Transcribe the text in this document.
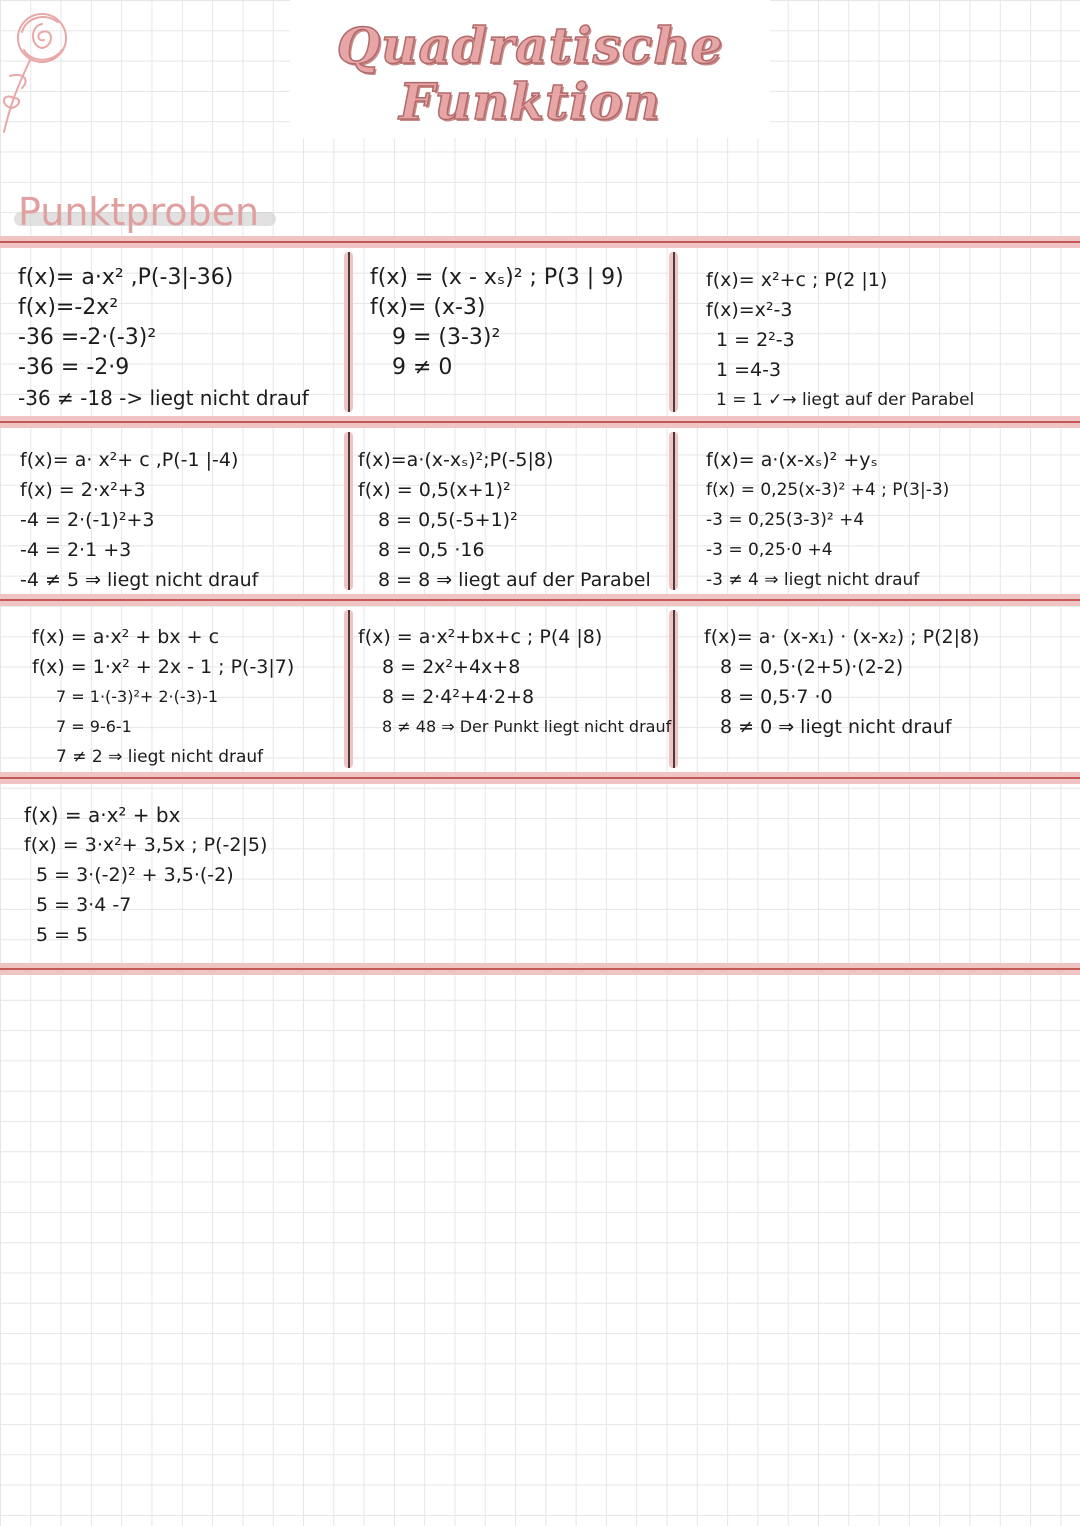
Quadratische
Funktion
Punktproben
f(x)= a·x² ,P(-3|-36)
f(x)=-2x²
-36 =-2·(-3)²
-36 = -2·9
-36 ≠ -18 -> liegt nicht drauf
f(x) = (x - xₛ)² ; P(3 | 9)
f(x)= (x-3)
9 = (3-3)²
9 ≠ 0
f(x)= x²+c ; P(2 |1)
f(x)=x²-3
1 = 2²-3
1 =4-3
1 = 1 ✓→ liegt auf der Parabel
f(x)= a· x²+ c ,P(-1 |-4)
f(x) = 2·x²+3
-4 = 2·(-1)²+3
-4 = 2·1 +3
-4 ≠ 5 ⇒ liegt nicht drauf
f(x)=a·(x-xₛ)²;P(-5|8)
f(x) = 0,5(x+1)²
8 = 0,5(-5+1)²
8 = 0,5 ·16
8 = 8 ⇒ liegt auf der Parabel
f(x)= a·(x-xₛ)² +yₛ
f(x) = 0,25(x-3)² +4 ; P(3|-3)
-3 = 0,25(3-3)² +4
-3 = 0,25·0 +4
-3 ≠ 4 ⇒ liegt nicht drauf
f(x) = a·x² + bx + c
f(x) = 1·x² + 2x - 1 ; P(-3|7)
7 = 1·(-3)²+ 2·(-3)-1
7 = 9-6-1
7 ≠ 2 ⇒ liegt nicht drauf
f(x) = a·x²+bx+c ; P(4 |8)
8 = 2x²+4x+8
8 = 2·4²+4·2+8
8 ≠ 48 ⇒ Der Punkt liegt nicht drauf
f(x)= a· (x-x₁) · (x-x₂) ; P(2|8)
8 = 0,5·(2+5)·(2-2)
8 = 0,5·7 ·0
8 ≠ 0 ⇒ liegt nicht drauf
f(x) = a·x² + bx
f(x) = 3·x²+ 3,5x ; P(-2|5)
5 = 3·(-2)² + 3,5·(-2)
5 = 3·4 -7
5 = 5
